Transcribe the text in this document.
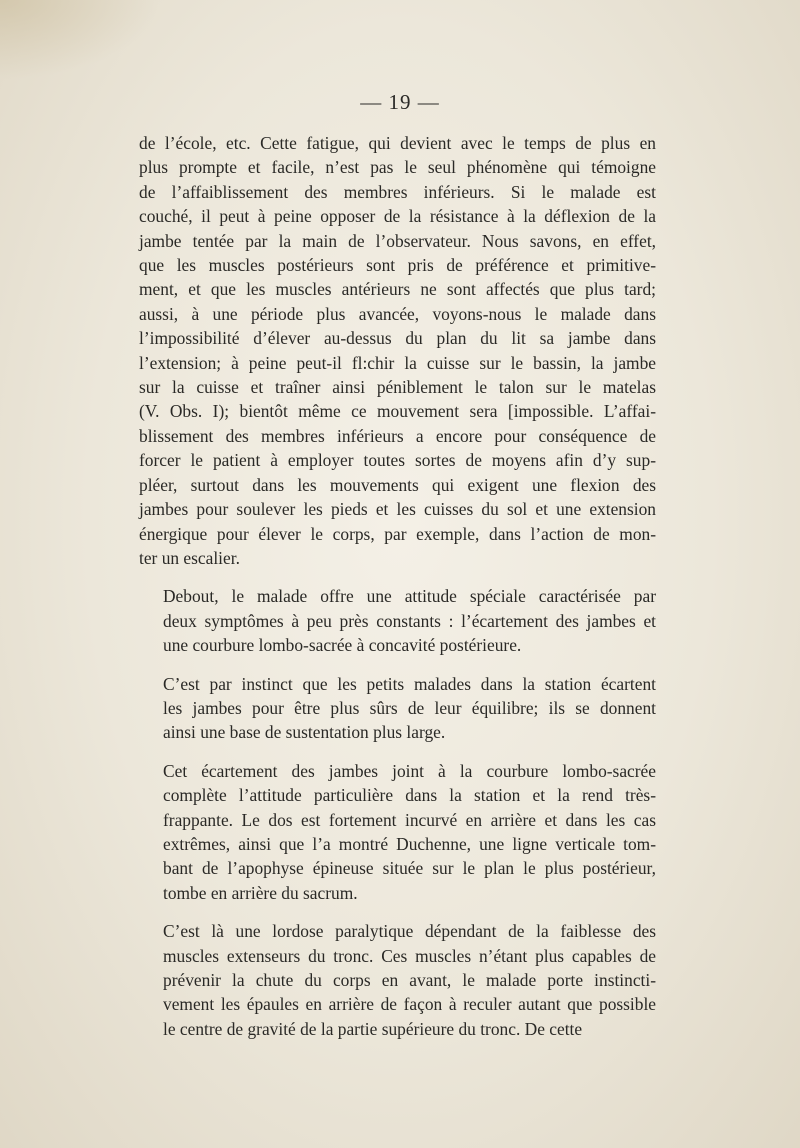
— 19 —
de l’école, etc. Cette fatigue, qui devient avec le temps de plus en
plus prompte et facile, n’est pas le seul phénomène qui témoigne
de l’affaiblissement des membres inférieurs. Si le malade est
couché, il peut à peine opposer de la résistance à la déflexion de la
jambe tentée par la main de l’observateur. Nous savons, en effet,
que les muscles postérieurs sont pris de préférence et primitive-
ment, et que les muscles antérieurs ne sont affectés que plus tard;
aussi, à une période plus avancée, voyons-nous le malade dans
l’impossibilité d’élever au-dessus du plan du lit sa jambe dans
l’extension; à peine peut-il fl:chir la cuisse sur le bassin, la jambe
sur la cuisse et traîner ainsi péniblement le talon sur le matelas
(V. Obs. I); bientôt même ce mouvement sera [impossible. L’affai-
blissement des membres inférieurs a encore pour conséquence de
forcer le patient à employer toutes sortes de moyens afin d’y sup-
pléer, surtout dans les mouvements qui exigent une flexion des
jambes pour soulever les pieds et les cuisses du sol et une extension
énergique pour élever le corps, par exemple, dans l’action de mon-
ter un escalier.
Debout, le malade offre une attitude spéciale caractérisée par
deux symptômes à peu près constants : l’écartement des jambes et
une courbure lombo-sacrée à concavité postérieure.
C’est par instinct que les petits malades dans la station écartent
les jambes pour être plus sûrs de leur équilibre; ils se donnent
ainsi une base de sustentation plus large.
Cet écartement des jambes joint à la courbure lombo-sacrée
complète l’attitude particulière dans la station et la rend très-
frappante. Le dos est fortement incurvé en arrière et dans les cas
extrêmes, ainsi que l’a montré Duchenne, une ligne verticale tom-
bant de l’apophyse épineuse située sur le plan le plus postérieur,
tombe en arrière du sacrum.
C’est là une lordose paralytique dépendant de la faiblesse des
muscles extenseurs du tronc. Ces muscles n’étant plus capables de
prévenir la chute du corps en avant, le malade porte instincti-
vement les épaules en arrière de façon à reculer autant que possible
le centre de gravité de la partie supérieure du tronc. De cette
